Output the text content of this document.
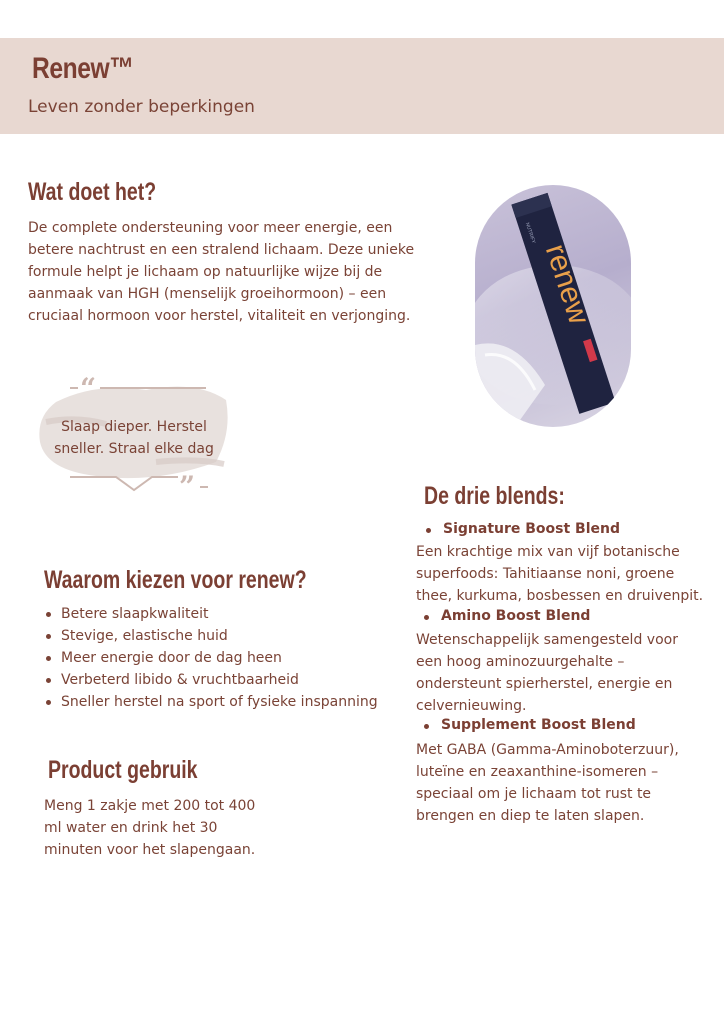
Renew™
Leven zonder beperkingen
Wat doet het?
De complete ondersteuning voor meer energie, een betere nachtrust en een stralend lichaam. Deze unieke formule helpt je lichaam op natuurlijke wijze bij de aanmaak van HGH (menselijk groeihormoon) – een cruciaal hormoon voor herstel, vitaliteit en verjonging.	renew
NUTRIFY
“
”
Slaap dieper. Herstel
sneller. Straal elke dag
Waarom kiezen voor renew?
Betere slaapkwaliteit
Stevige, elastische huid
Meer energie door de dag heen
Verbeterd libido & vruchtbaarheid
Sneller herstel na sport of fysieke inspanning
Product gebruik
Meng 1 zakje met 200 tot 400 ml water en drink het 30 minuten voor het slapengaan.
De drie blends:
Signature Boost Blend
Een krachtige mix van vijf botanische superfoods: Tahitiaanse noni, groene thee, kurkuma, bosbessen en druivenpit.
Amino Boost Blend
Wetenschappelijk samengesteld voor een hoog aminozuurgehalte – ondersteunt spierherstel, energie en celvernieuwing.
Supplement Boost Blend
Met GABA (Gamma-Aminoboterzuur), luteïne en zeaxanthine-isomeren – speciaal om je lichaam tot rust te brengen en diep te laten slapen.
